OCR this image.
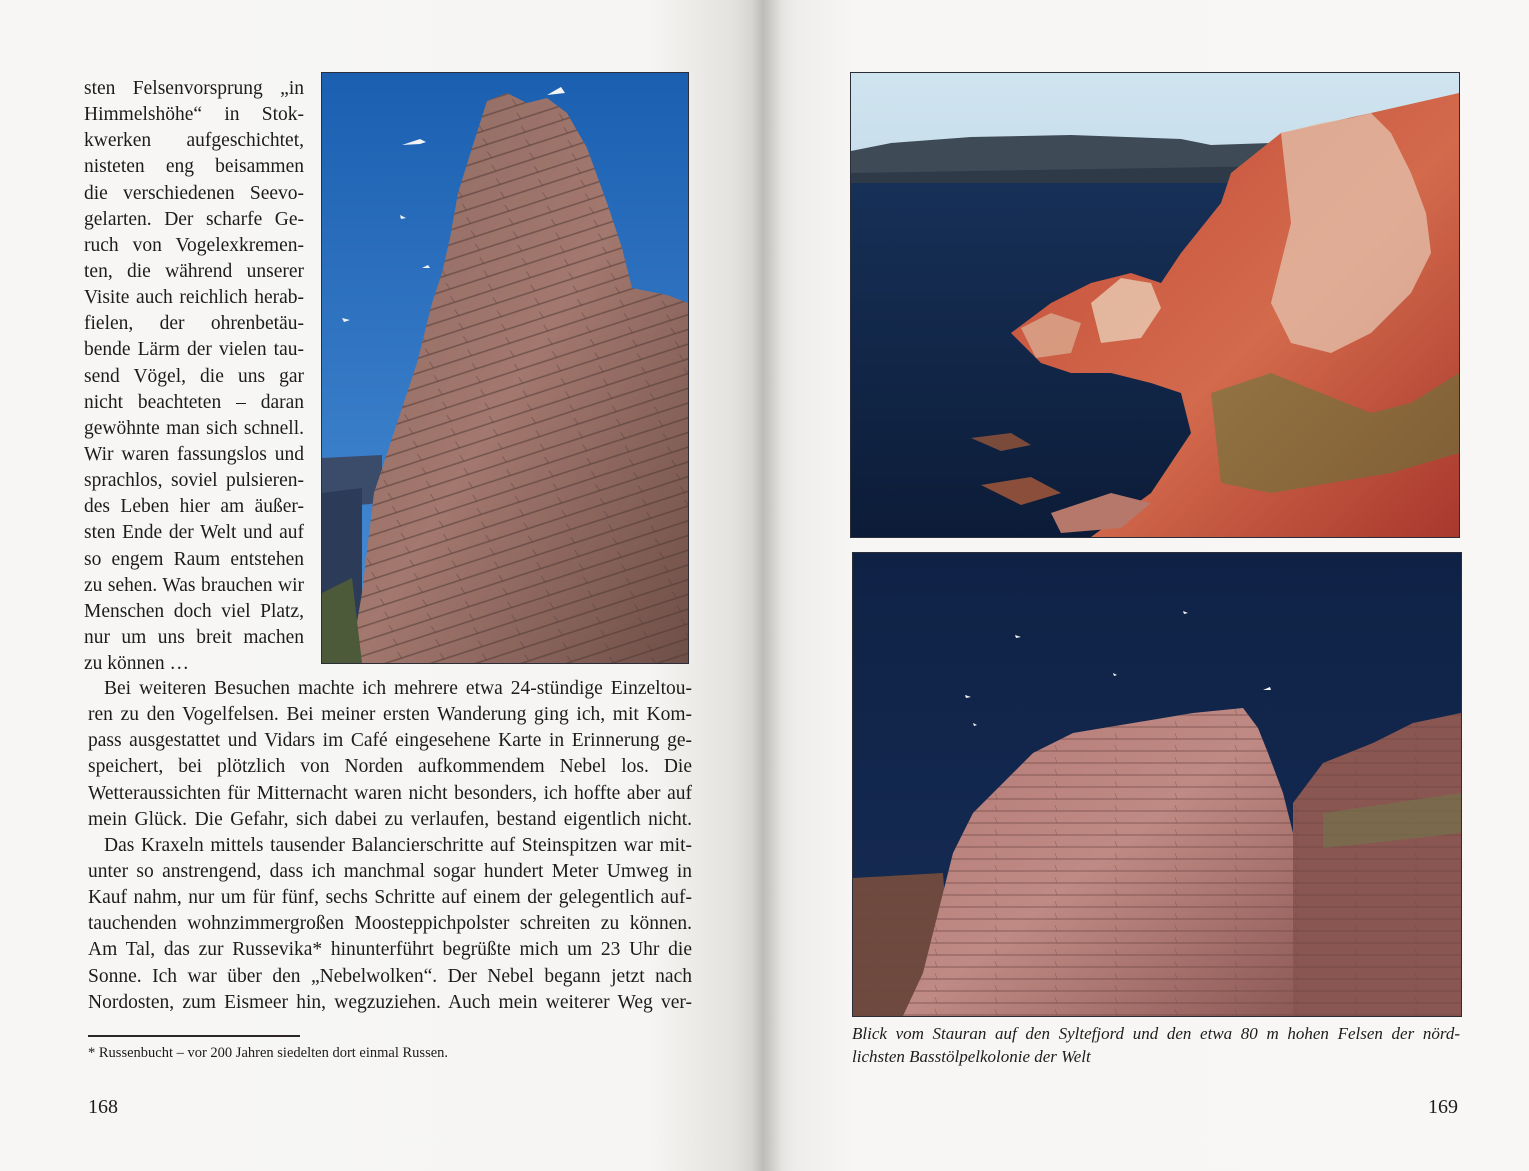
sten Felsenvorsprung „in
Himmelshöhe“ in Stok-
kwerken aufgeschichtet,
nisteten eng beisammen
die verschiedenen Seevo-
gelarten. Der scharfe Ge-
ruch von Vogelexkremen-
ten, die während unserer
Visite auch reichlich herab-
fielen, der ohrenbetäu-
bende Lärm der vielen tau-
send Vögel, die uns gar
nicht beachteten – daran
gewöhnte man sich schnell.
Wir waren fassungslos und
sprachlos, soviel pulsieren-
des Leben hier am äußer-
sten Ende der Welt und auf
so engem Raum entstehen
zu sehen. Was brauchen wir
Menschen doch viel Platz,
nur um uns breit machen
zu können …
Bei weiteren Besuchen machte ich mehrere etwa 24-stündige Einzeltou-
ren zu den Vogelfelsen. Bei meiner ersten Wanderung ging ich, mit Kom-
pass ausgestattet und Vidars im Café eingesehene Karte in Erinnerung ge-
speichert, bei plötzlich von Norden aufkommendem Nebel los. Die
Wetteraussichten für Mitternacht waren nicht besonders, ich hoffte aber auf
mein Glück. Die Gefahr, sich dabei zu verlaufen, bestand eigentlich nicht.
Das Kraxeln mittels tausender Balancierschritte auf Steinspitzen war mit-
unter so anstrengend, dass ich manchmal sogar hundert Meter Umweg in
Kauf nahm, nur um für fünf, sechs Schritte auf einem der gelegentlich auf-
tauchenden wohnzimmergroßen Moosteppichpolster schreiten zu können.
Am Tal, das zur Russevika* hinunterführt begrüßte mich um 23 Uhr die
Sonne. Ich war über den „Nebelwolken“. Der Nebel begann jetzt nach
Nordosten, zum Eismeer hin, wegzuziehen. Auch mein weiterer Weg ver-
* Russenbucht – vor 200 Jahren siedelten dort einmal Russen.
168
Blick vom Stauran auf den Syltefjord und den etwa 80 m hohen Felsen der nörd-
lichsten Basstölpelkolonie der Welt
169
